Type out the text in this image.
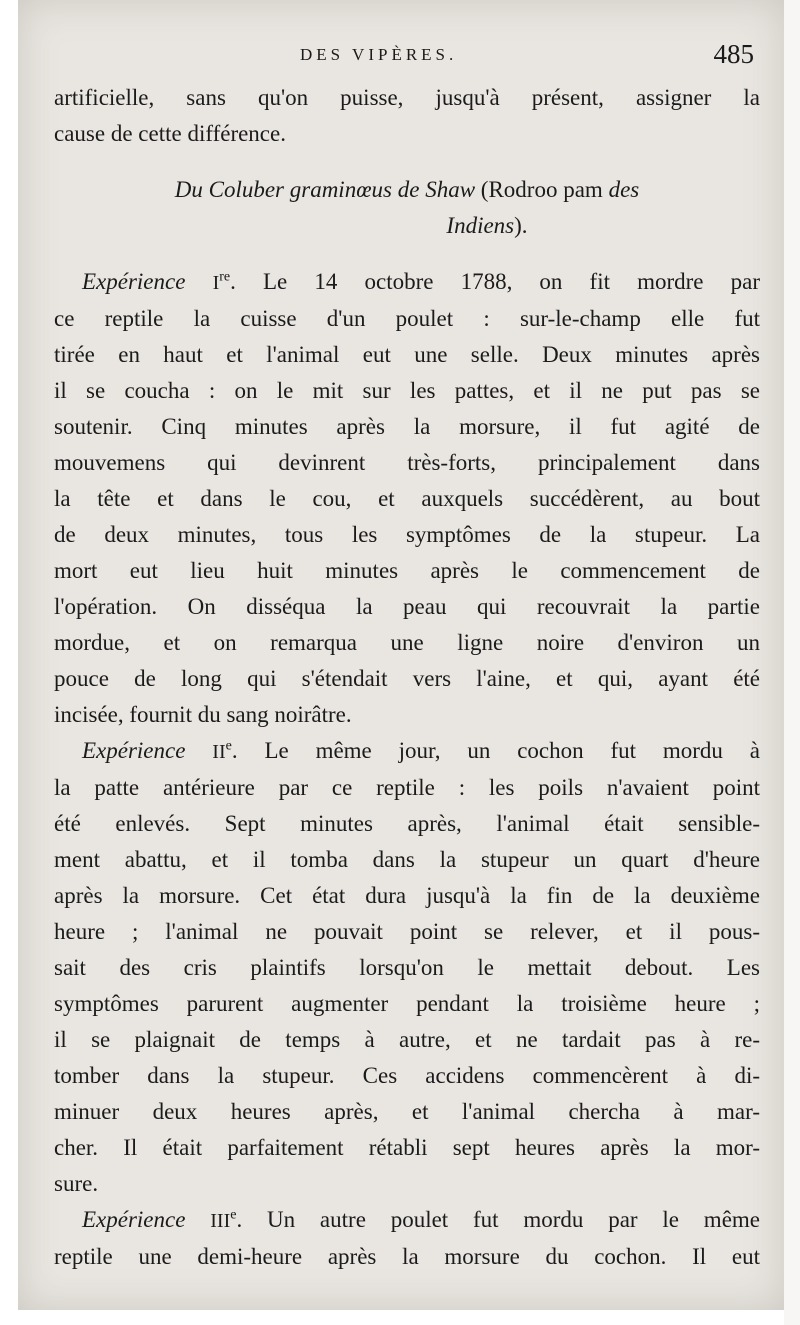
DES VIPÈRES.	485

artificielle, sans qu'on puisse, jusqu'à présent, assigner la

cause de cette différence.

Du Coluber graminœus de Shaw (Rodroo pam des
Indiens).

Expérience Ire. Le 14 octobre 1788, on fit mordre par

ce reptile la cuisse d'un poulet : sur-le-champ elle fut

tirée en haut et l'animal eut une selle. Deux minutes après

il se coucha : on le mit sur les pattes, et il ne put pas se

soutenir. Cinq minutes après la morsure, il fut agité de

mouvemens qui devinrent très-forts, principalement dans

la tête et dans le cou, et auxquels succédèrent, au bout

de deux minutes, tous les symptômes de la stupeur. La

mort eut lieu huit minutes après le commencement de

l'opération. On disséqua la peau qui recouvrait la partie

mordue, et on remarqua une ligne noire d'environ un

pouce de long qui s'étendait vers l'aine, et qui, ayant été

incisée, fournit du sang noirâtre.

Expérience IIe. Le même jour, un cochon fut mordu à

la patte antérieure par ce reptile : les poils n'avaient point

été enlevés. Sept minutes après, l'animal était sensible-

ment abattu, et il tomba dans la stupeur un quart d'heure

après la morsure. Cet état dura jusqu'à la fin de la deuxième

heure ; l'animal ne pouvait point se relever, et il pous-

sait des cris plaintifs lorsqu'on le mettait debout. Les

symptômes parurent augmenter pendant la troisième heure ;

il se plaignait de temps à autre, et ne tardait pas à re-

tomber dans la stupeur. Ces accidens commencèrent à di-

minuer deux heures après, et l'animal chercha à mar-

cher. Il était parfaitement rétabli sept heures après la mor-

sure.

Expérience IIIe. Un autre poulet fut mordu par le même

reptile une demi-heure après la morsure du cochon. Il eut
